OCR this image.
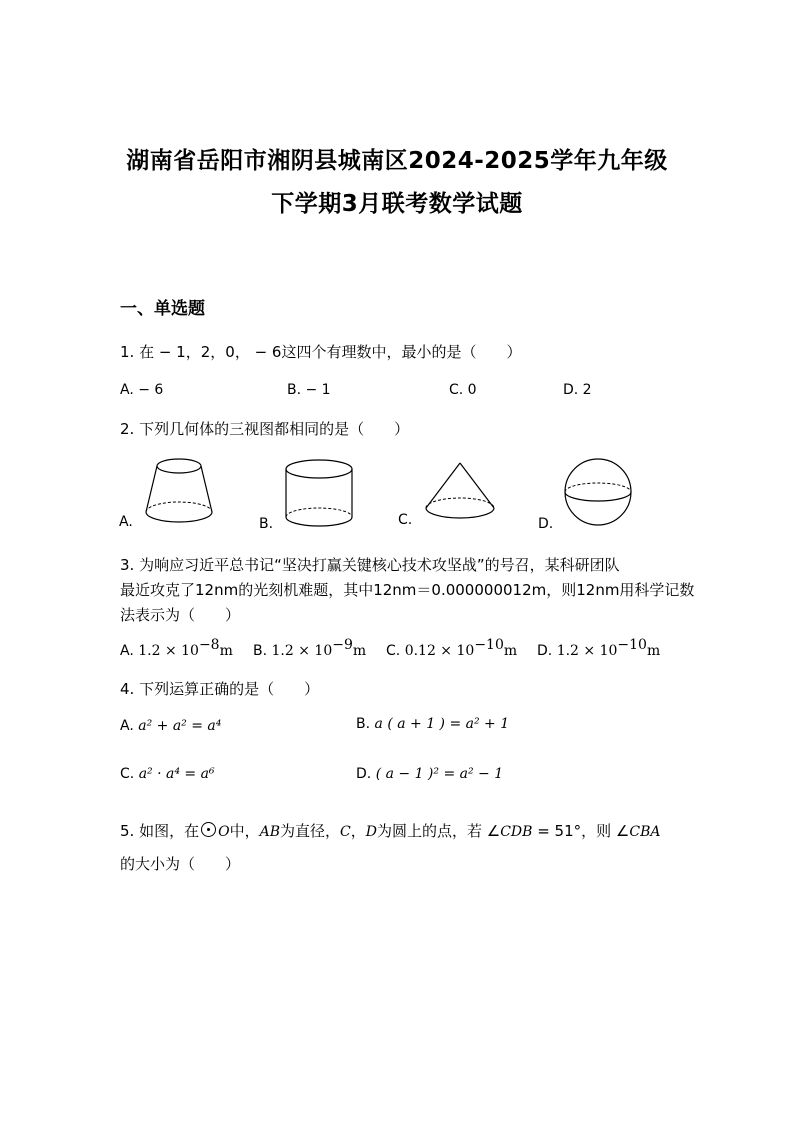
湖南省岳阳市湘阴县城南区2024-2025学年九年级
下学期3月联考数学试题
一、单选题
1. 在 − 1，2，0， − 6这四个有理数中，最小的是（　　）
A. − 6	B. − 1	C. 0	D. 2
2. 下列几何体的三视图都相同的是（　　）
A.	B.	C.	D.
3. 为响应习近平总书记“坚决打赢关键核心技术攻坚战”的号召，某科研团队
最近攻克了12nm的光刻机难题，其中12nm＝0.000000012m，则12nm用科学记数
法表示为（　　）
A. $1.2 \times 10^{-8}m$ B. $1.2 \times 10^{-9}m$ C. $0.12 \times 10^{-10}m$ D. $1.2 \times 10^{-10}m$
4. 下列运算正确的是（　　）
A. a² + a² = a⁴	B. a ( a + 1 ) = a² + 1
C. a² · a⁴ = a⁶	D. ( a − 1 )² = a² − 1
5. 如图，在 O中，AB为直径，C，D为圆上的点，若 ∠CDB = 51°，则 ∠CBA
的大小为（　　）
